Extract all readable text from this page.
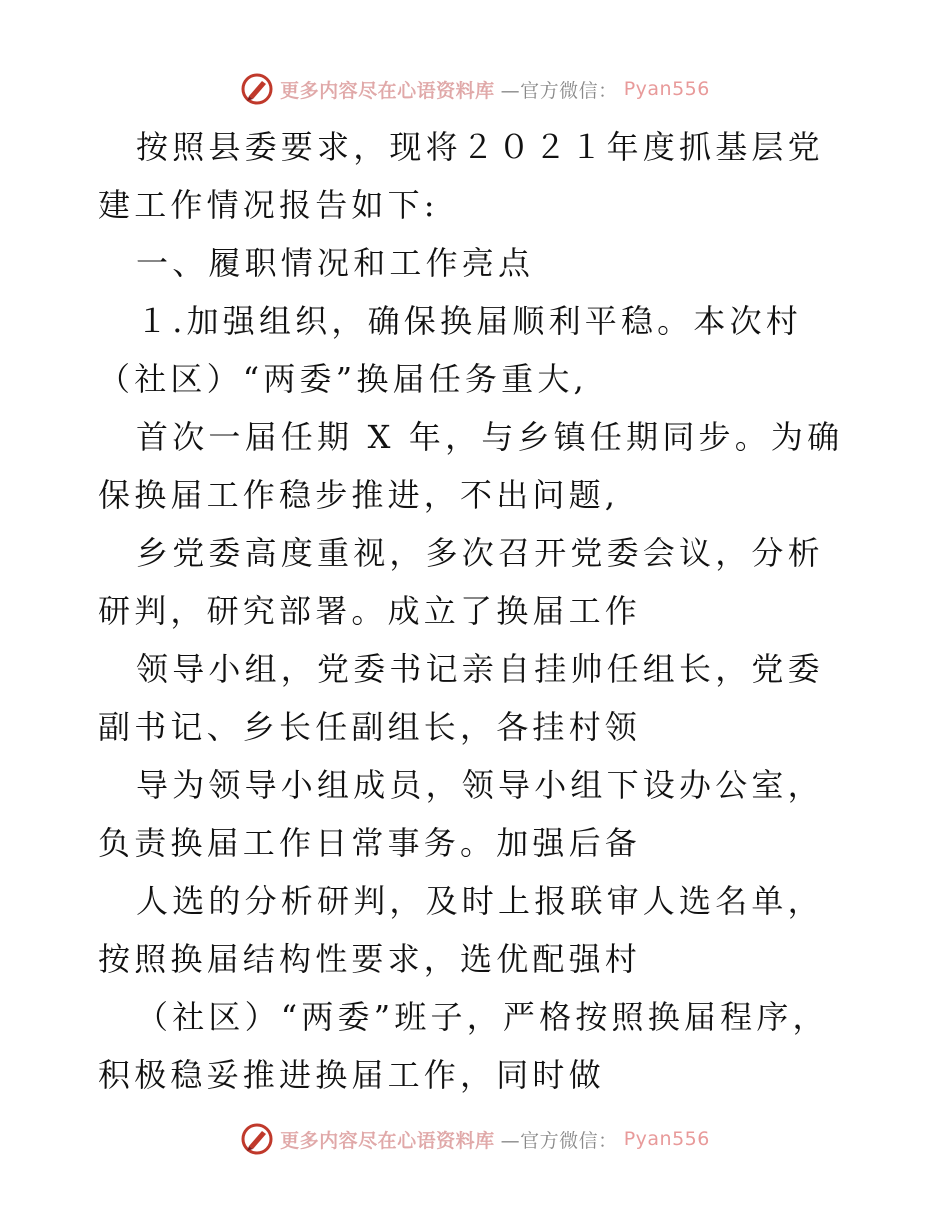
更多内容尽在心语资料库 —官方微信： Pyan556

按照县委要求，现将２０２１年度抓基层党建工作情况报告如下:

一、履职情况和工作亮点

１.加强组织，确保换届顺利平稳。本次村（社区）“两委”换届任务重大,

首次一届任期 X 年，与乡镇任期同步。为确保换届工作稳步推进，不出问题,

乡党委高度重视，多次召开党委会议，分析研判，研究部署。成立了换届工作

领导小组，党委书记亲自挂帅任组长，党委副书记、乡长任副组长，各挂村领

导为领导小组成员，领导小组下设办公室，负责换届工作日常事务。加强后备

人选的分析研判，及时上报联审人选名单，按照换届结构性要求，选优配强村

（社区）“两委”班子，严格按照换届程序，积极稳妥推进换届工作，同时做

更多内容尽在心语资料库 —官方微信： Pyan556
